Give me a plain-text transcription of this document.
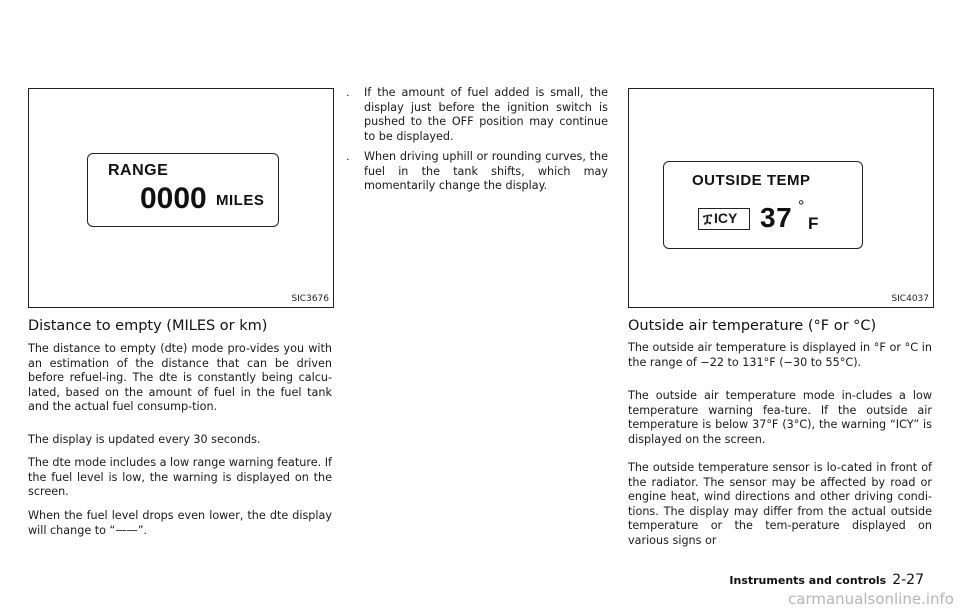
RANGE
0000 MILES
SIC3676
Distance to empty (MILES or km)

The distance to empty (dte) mode pro-vides you with an estimation of the distance that can be driven before refuel-ing. The dte is constantly being calcu-lated, based on the amount of fuel in the fuel tank and the actual fuel consump-tion.

The display is updated every 30 seconds.

The dte mode includes a low range warning feature. If the fuel level is low, the warning is displayed on the screen.

When the fuel level drops even lower, the dte display will change to “——”.

. If the amount of fuel added is small, the display just before the ignition switch is pushed to the OFF position may continue to be displayed.
. When driving uphill or rounding curves, the fuel in the tank shifts, which may momentarily change the display.	OUTSIDE TEMP
ፗ ICY 37 °
F
SIC4037
Outside air temperature (°F or °C)

The outside air temperature is displayed in °F or °C in the range of −22 to 131°F (−30 to 55°C).

The outside air temperature mode in-cludes a low temperature warning fea-ture. If the outside air temperature is below 37°F (3°C), the warning “ICY” is displayed on the screen.

The outside temperature sensor is lo-cated in front of the radiator. The sensor may be affected by road or engine heat, wind directions and other driving condi-tions. The display may differ from the actual outside temperature or the tem-perature displayed on various signs or

Instruments and controls 2-27
carmanualsonline.info
